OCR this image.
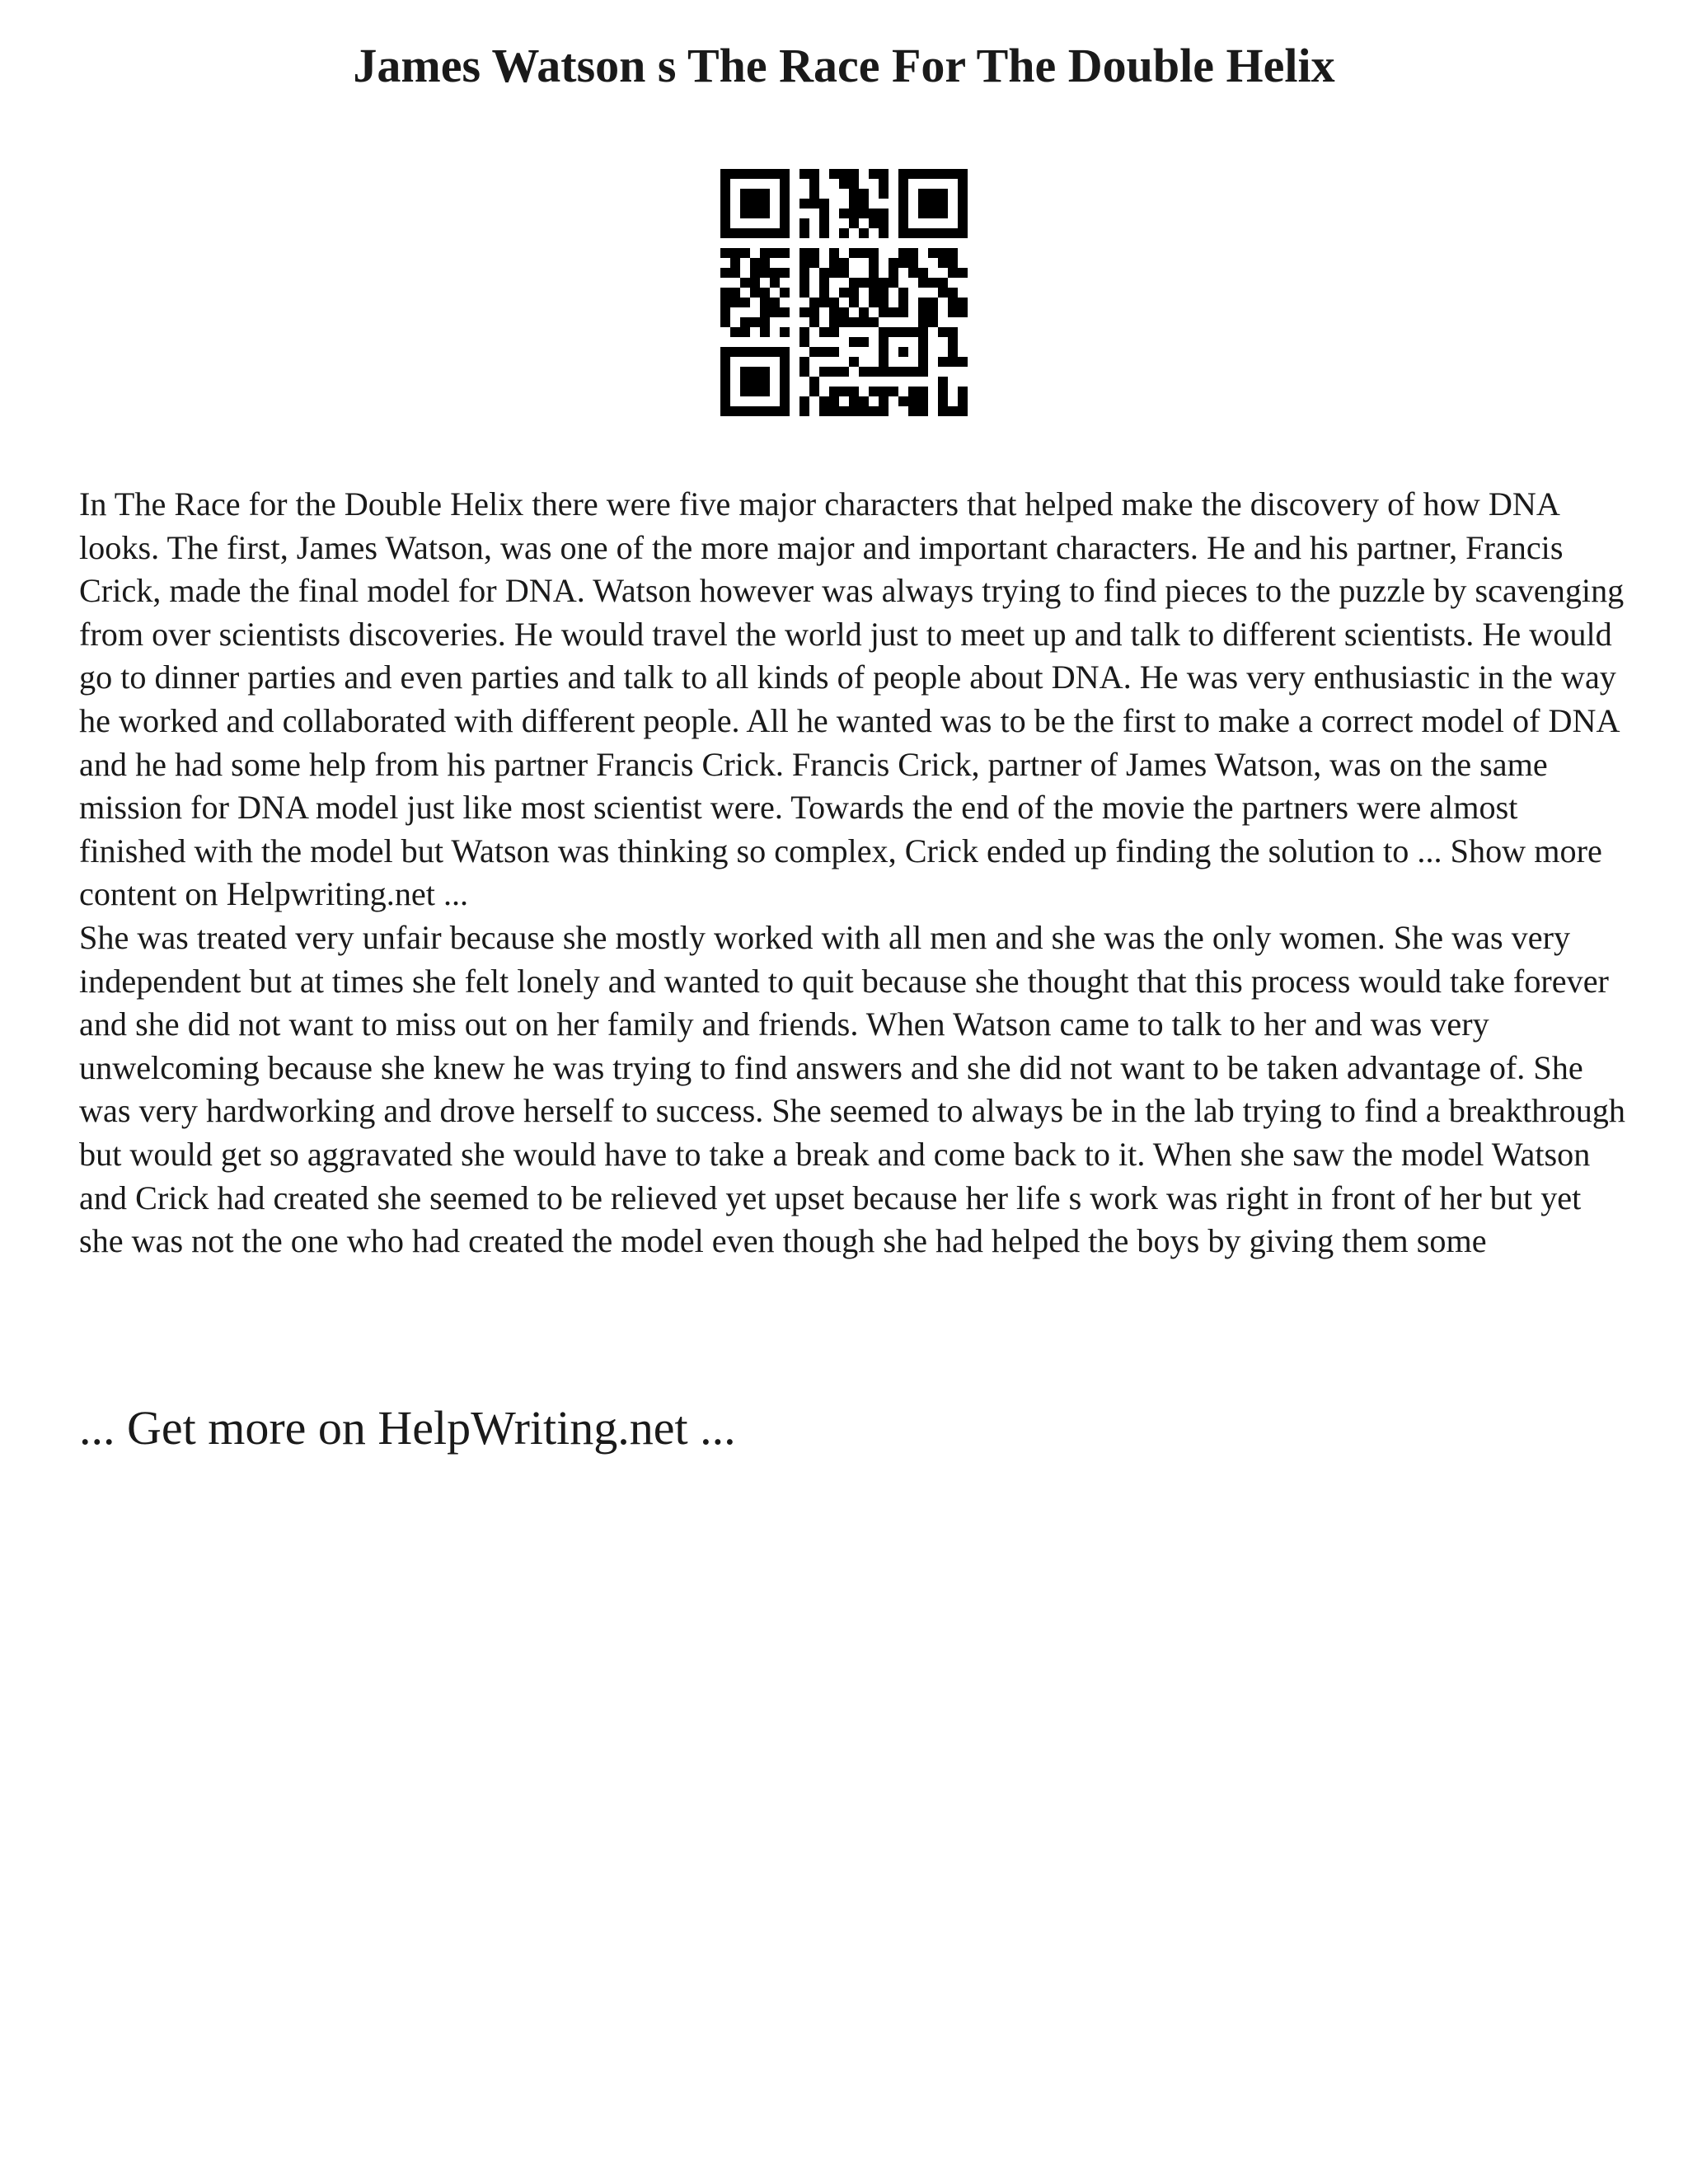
James Watson s The Race For The Double Helix

In The Race for the Double Helix there were five major characters that helped make the discovery of how DNA looks. The first, James Watson, was one of the more major and important characters. He and his partner, Francis Crick, made the final model for DNA. Watson however was always trying to find pieces to the puzzle by scavenging from over scientists discoveries. He would travel the world just to meet up and talk to different scientists. He would go to dinner parties and even parties and talk to all kinds of people about DNA. He was very enthusiastic in the way he worked and collaborated with different people. All he wanted was to be the first to make a correct model of DNA and he had some help from his partner Francis Crick. Francis Crick, partner of James Watson, was on the same mission for DNA model just like most scientist were. Towards the end of the movie the partners were almost finished with the model but Watson was thinking so complex, Crick ended up finding the solution to ... Show more content on Helpwriting.net ...

She was treated very unfair because she mostly worked with all men and she was the only women. She was very independent but at times she felt lonely and wanted to quit because she thought that this process would take forever and she did not want to miss out on her family and friends. When Watson came to talk to her and was very unwelcoming because she knew he was trying to find answers and she did not want to be taken advantage of. She was very hardworking and drove herself to success. She seemed to always be in the lab trying to find a breakthrough but would get so aggravated she would have to take a break and come back to it. When she saw the model Watson and Crick had created she seemed to be relieved yet upset because her life s work was right in front of her but yet she was not the one who had created the model even though she had helped the boys by giving them some

... Get more on HelpWriting.net ...
